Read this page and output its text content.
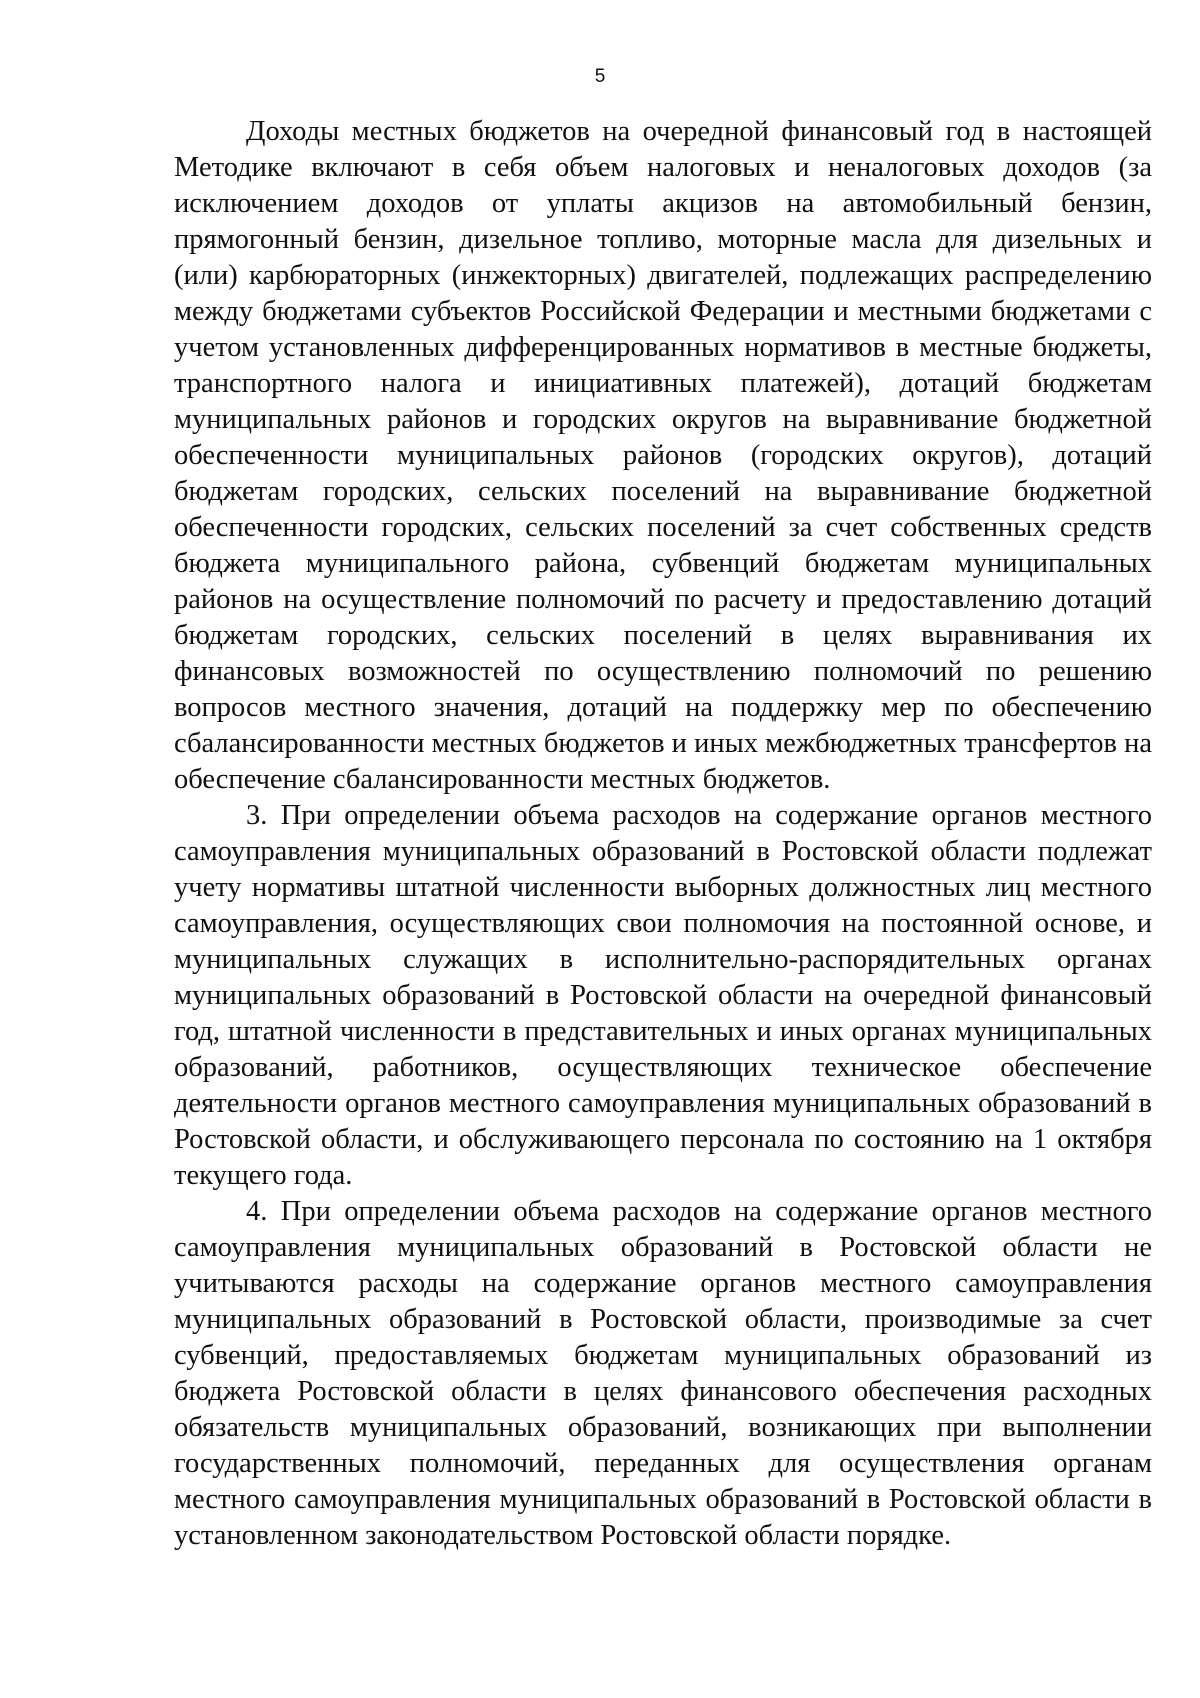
5

Доходы местных бюджетов на очередной финансовый год в настоящей Методике включают в себя объем налоговых и неналоговых доходов (за исключением доходов от уплаты акцизов на автомобильный бензин, прямогонный бензин, дизельное топливо, моторные масла для дизельных и (или) карбюраторных (инжекторных) двигателей, подлежащих распределению между бюджетами субъектов Российской Федерации и местными бюджетами с учетом установленных дифференцированных нормативов в местные бюджеты, транспортного налога и инициативных платежей), дотаций бюджетам муниципальных районов и городских округов на выравнивание бюджетной обеспеченности муниципальных районов (городских округов), дотаций бюджетам городских, сельских поселений на выравнивание бюджетной обеспеченности городских, сельских поселений за счет собственных средств бюджета муниципального района, субвенций бюджетам муниципальных районов на осуществление полномочий по расчету и предоставлению дотаций бюджетам городских, сельских поселений в целях выравнивания их финансовых возможностей по осуществлению полномочий по решению вопросов местного значения, дотаций на поддержку мер по обеспечению сбалансированности местных бюджетов и иных межбюджетных трансфертов на обеспечение сбалансированности местных бюджетов.

3. При определении объема расходов на содержание органов местного самоуправления муниципальных образований в Ростовской области подлежат учету нормативы штатной численности выборных должностных лиц местного самоуправления, осуществляющих свои полномочия на постоянной основе, и муниципальных служащих в исполнительно-распорядительных органах муниципальных образований в Ростовской области на очередной финансовый год, штатной численности в представительных и иных органах муниципальных образований, работников, осуществляющих техническое обеспечение деятельности органов местного самоуправления муниципальных образований в Ростовской области, и обслуживающего персонала по состоянию на 1 октября текущего года.

4. При определении объема расходов на содержание органов местного самоуправления муниципальных образований в Ростовской области не учитываются расходы на содержание органов местного самоуправления муниципальных образований в Ростовской области, производимые за счет субвенций, предоставляемых бюджетам муниципальных образований из бюджета Ростовской области в целях финансового обеспечения расходных обязательств муниципальных образований, возникающих при выполнении государственных полномочий, переданных для осуществления органам местного самоуправления муниципальных образований в Ростовской области в установленном законодательством Ростовской области порядке.
